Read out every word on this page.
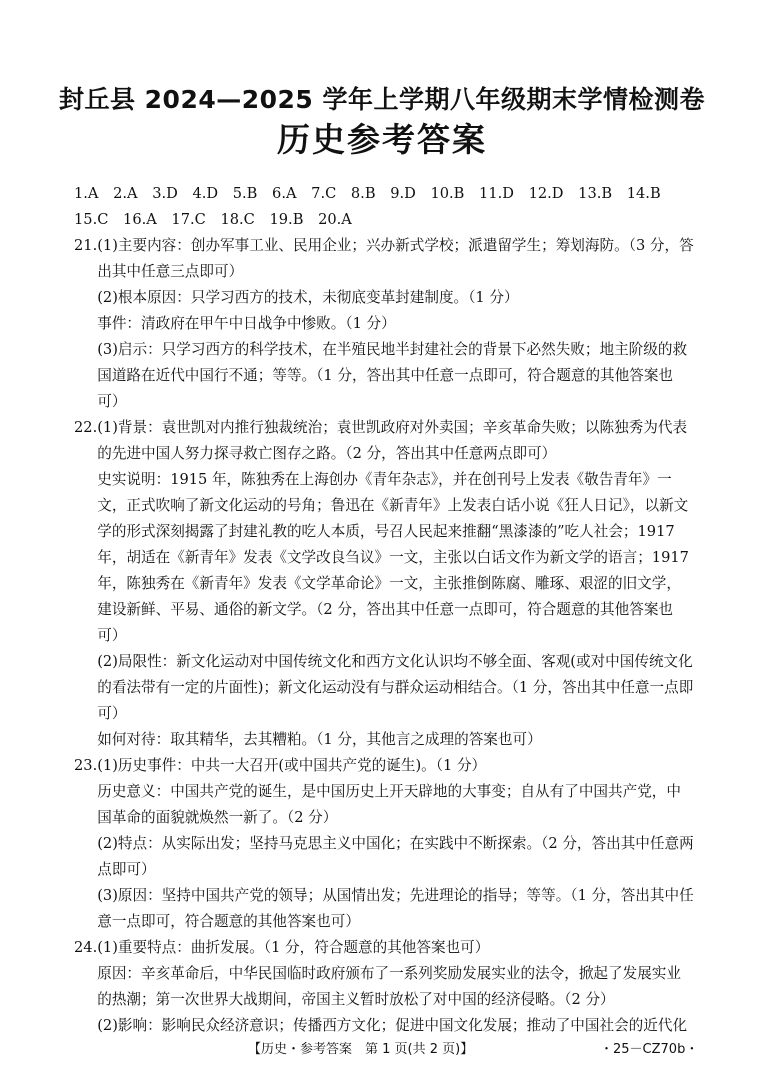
封丘县 2024—2025 学年上学期八年级期末学情检测卷
历史参考答案
1.A 2.A 3.D 4.D 5.B 6.A 7.C 8.B 9.D 10.B 11.D 12.D 13.B 14.B
15.C 16.A 17.C 18.C 19.B 20.A
21. (1)主要内容：创办军事工业、民用企业；兴办新式学校；派遣留学生；筹划海防。（3 分，答出其中任意三点即可）
(2)根本原因：只学习西方的技术，未彻底变革封建制度。（1 分）
事件：清政府在甲午中日战争中惨败。（1 分）
(3)启示：只学习西方的科学技术，在半殖民地半封建社会的背景下必然失败；地主阶级的救国道路在近代中国行不通；等等。（1 分，答出其中任意一点即可，符合题意的其他答案也可）
22. (1)背景：袁世凯对内推行独裁统治；袁世凯政府对外卖国；辛亥革命失败；以陈独秀为代表的先进中国人努力探寻救亡图存之路。（2 分，答出其中任意两点即可）
史实说明：1915 年，陈独秀在上海创办《青年杂志》，并在创刊号上发表《敬告青年》一文，正式吹响了新文化运动的号角；鲁迅在《新青年》上发表白话小说《狂人日记》，以新文学的形式深刻揭露了封建礼教的吃人本质，号召人民起来推翻“黑漆漆的”吃人社会；1917 年，胡适在《新青年》发表《文学改良刍议》一文，主张以白话文作为新文学的语言；1917 年，陈独秀在《新青年》发表《文学革命论》一文，主张推倒陈腐、雕琢、艰涩的旧文学，建设新鲜、平易、通俗的新文学。（2 分，答出其中任意一点即可，符合题意的其他答案也可）
(2)局限性：新文化运动对中国传统文化和西方文化认识均不够全面、客观(或对中国传统文化的看法带有一定的片面性)；新文化运动没有与群众运动相结合。（1 分，答出其中任意一点即可）
如何对待：取其精华，去其糟粕。（1 分，其他言之成理的答案也可）
23. (1)历史事件：中共一大召开(或中国共产党的诞生)。（1 分）
历史意义：中国共产党的诞生，是中国历史上开天辟地的大事变；自从有了中国共产党，中国革命的面貌就焕然一新了。（2 分）
(2)特点：从实际出发；坚持马克思主义中国化；在实践中不断探索。（2 分，答出其中任意两点即可）
(3)原因：坚持中国共产党的领导；从国情出发；先进理论的指导；等等。（1 分，答出其中任意一点即可，符合题意的其他答案也可）
24. (1)重要特点：曲折发展。（1 分，符合题意的其他答案也可）
原因：辛亥革命后，中华民国临时政府颁布了一系列奖励发展实业的法令，掀起了发展实业的热潮；第一次世界大战期间，帝国主义暂时放松了对中国的经济侵略。（2 分）
(2)影响：影响民众经济意识；传播西方文化；促进中国文化发展；推动了中国社会的近代化
【历史・参考答案　第 1 页(共 2 页)】	・25－CZ70b・
